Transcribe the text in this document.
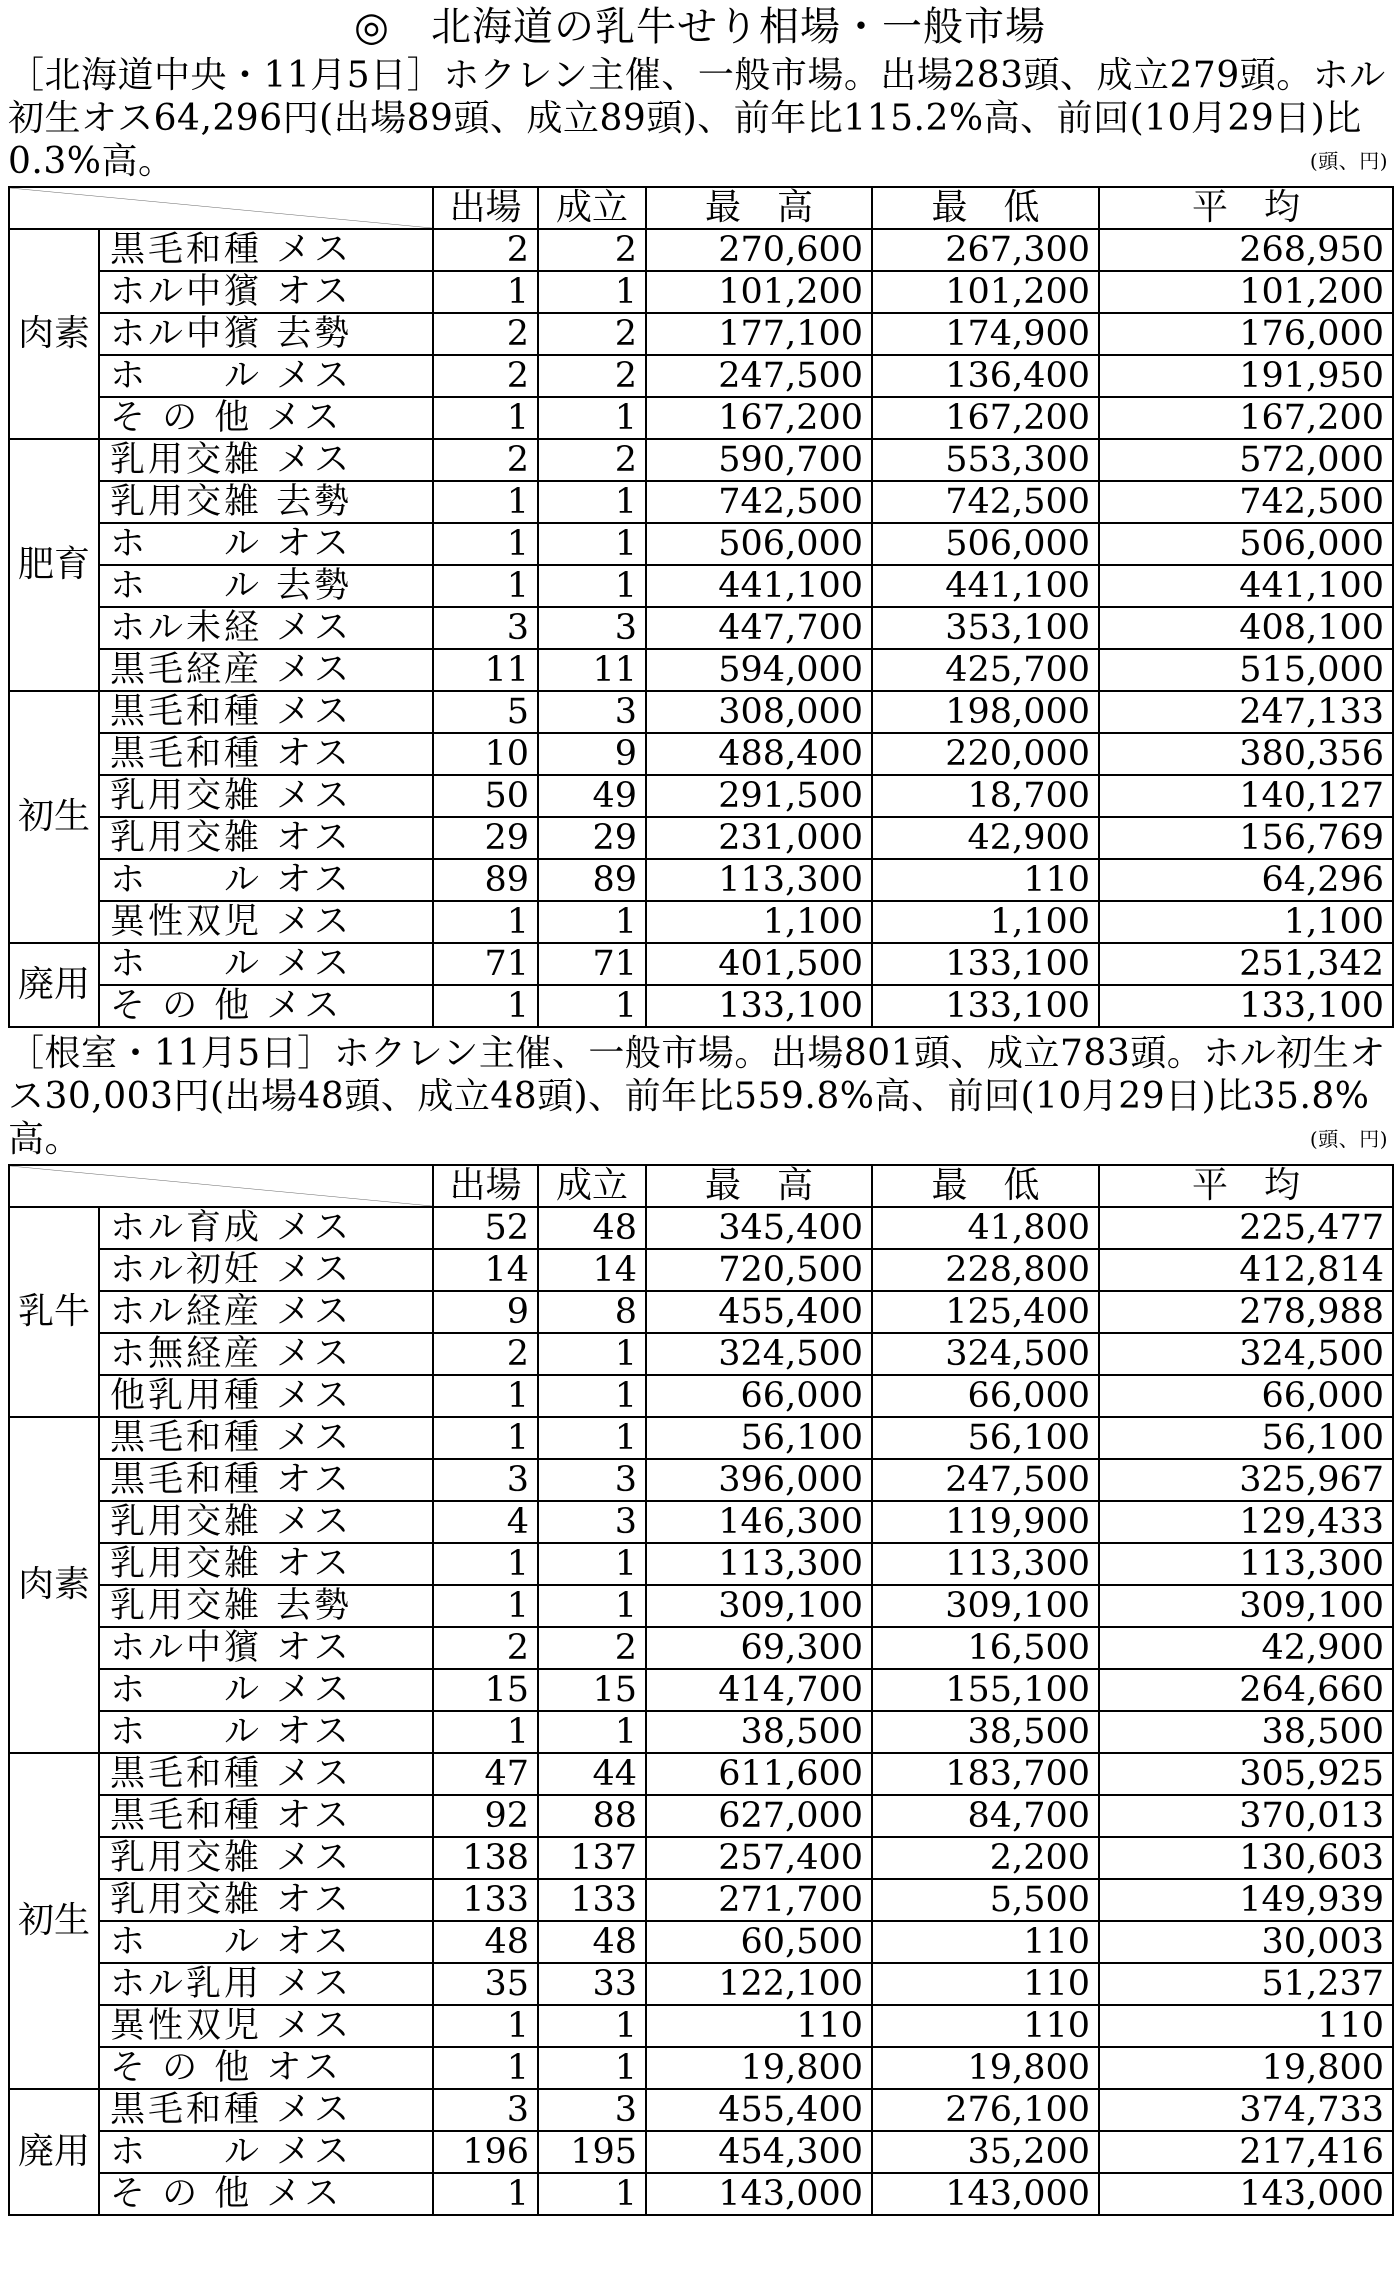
◎　北海道の乳牛せり相場・一般市場

［北海道中央・11月5日］ホクレン主催、一般市場。出場283頭、成立279頭。ホル初生オス64,296円(出場89頭、成立89頭)、前年比115.2%高、前回(10月29日)比0.3%高。	(頭、円)

	出場	成立	最　高	最　低	平　均
肉素	黒毛和種 メス	2	2	270,600	267,300	268,950
	ホル中獱 オス	1	1	101,200	101,200	101,200
	ホル中獱 去勢	2	2	177,100	174,900	176,000
	ホ　　ル メス	2	2	247,500	136,400	191,950
	そ の 他 メス	1	1	167,200	167,200	167,200
肥育	乳用交雑 メス	2	2	590,700	553,300	572,000
	乳用交雑 去勢	1	1	742,500	742,500	742,500
	ホ　　ル オス	1	1	506,000	506,000	506,000
	ホ　　ル 去勢	1	1	441,100	441,100	441,100
	ホル未経 メス	3	3	447,700	353,100	408,100
	黒毛経産 メス	11	11	594,000	425,700	515,000
初生	黒毛和種 メス	5	3	308,000	198,000	247,133
	黒毛和種 オス	10	9	488,400	220,000	380,356
	乳用交雑 メス	50	49	291,500	18,700	140,127
	乳用交雑 オス	29	29	231,000	42,900	156,769
	ホ　　ル オス	89	89	113,300	110	64,296
	異性双児 メス	1	1	1,100	1,100	1,100
廃用	ホ　　ル メス	71	71	401,500	133,100	251,342
	そ の 他 メス	1	1	133,100	133,100	133,100

［根室・11月5日］ホクレン主催、一般市場。出場801頭、成立783頭。ホル初生オス30,003円(出場48頭、成立48頭)、前年比559.8%高、前回(10月29日)比35.8%高。	(頭、円)

	出場	成立	最　高	最　低	平　均
乳牛	ホル育成 メス	52	48	345,400	41,800	225,477
	ホル初妊 メス	14	14	720,500	228,800	412,814
	ホル経産 メス	9	8	455,400	125,400	278,988
	ホ無経産 メス	2	1	324,500	324,500	324,500
	他乳用種 メス	1	1	66,000	66,000	66,000
肉素	黒毛和種 メス	1	1	56,100	56,100	56,100
	黒毛和種 オス	3	3	396,000	247,500	325,967
	乳用交雑 メス	4	3	146,300	119,900	129,433
	乳用交雑 オス	1	1	113,300	113,300	113,300
	乳用交雑 去勢	1	1	309,100	309,100	309,100
	ホル中獱 オス	2	2	69,300	16,500	42,900
	ホ　　ル メス	15	15	414,700	155,100	264,660
	ホ　　ル オス	1	1	38,500	38,500	38,500
初生	黒毛和種 メス	47	44	611,600	183,700	305,925
	黒毛和種 オス	92	88	627,000	84,700	370,013
	乳用交雑 メス	138	137	257,400	2,200	130,603
	乳用交雑 オス	133	133	271,700	5,500	149,939
	ホ　　ル オス	48	48	60,500	110	30,003
	ホル乳用 メス	35	33	122,100	110	51,237
	異性双児 メス	1	1	110	110	110
	そ の 他 オス	1	1	19,800	19,800	19,800
廃用	黒毛和種 メス	3	3	455,400	276,100	374,733
	ホ　　ル メス	196	195	454,300	35,200	217,416
	そ の 他 メス	1	1	143,000	143,000	143,000
